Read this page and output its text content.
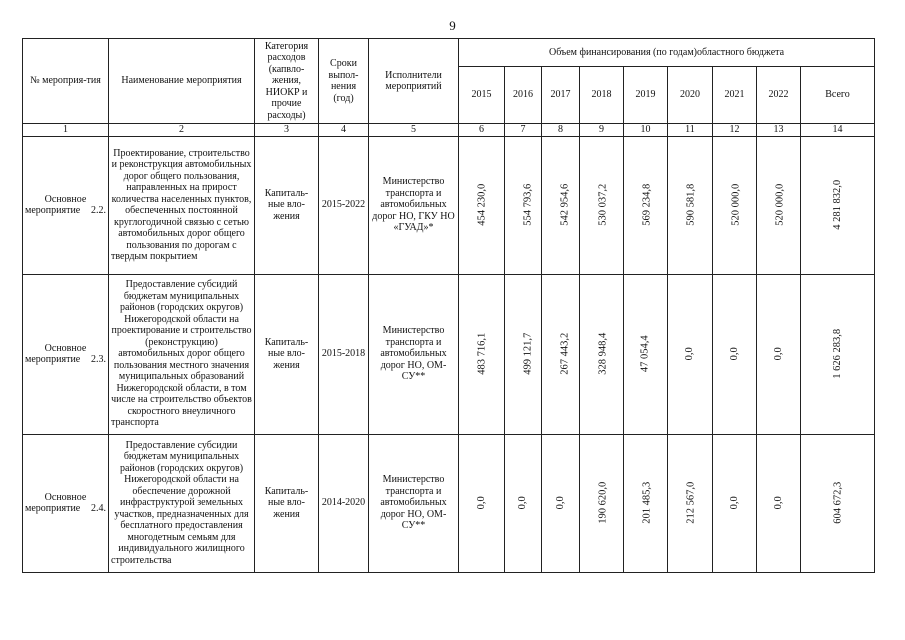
9
№ мероприя-тия	Наименование мероприятия	Категория расходов (капвло-жения, НИОКР и прочие расходы)	Сроки выпол-нения (год)	Исполнители мероприятий	Объем финансирования (по годам)областного бюджета								
					2015	2016	2017	2018	2019	2020	2021	2022	Всего
1	2	3	4	5	6	7	8	9	10	11	12	13	14
Основное мероприятие 2.2.	Проектирование, строительство и реконструкция автомобильных дорог общего пользования, направленных на прирост количества населенных пунктов, обеспеченных постоянной круглогодичной связью с сетью автомобильных дорог общего пользования по дорогам с твердым покрытием	Капиталь-ные вло-жения	2015-2022	Министерство транспорта и автомобильных дорог НО, ГКУ НО «ГУАД»*	454 230,0	554 793,6	542 954,6	530 037,2	569 234,8	590 581,8	520 000,0	520 000,0	4 281 832,0
Основное мероприятие 2.3.	Предоставление субсидий бюджетам муниципальных районов (городских округов) Нижегородской области на проектирование и строительство (реконструкцию) автомобильных дорог общего пользования местного значения муниципальных образований Нижегородской области, в том числе на строительство объектов скоростного внеуличного транспорта	Капиталь-ные вло-жения	2015-2018	Министерство транспорта и автомобильных дорог НО, ОМ-СУ**	483 716,1	499 121,7	267 443,2	328 948,4	47 054,4	0,0	0,0	0,0	1 626 283,8
Основное мероприятие 2.4.	Предоставление субсидии бюджетам муниципальных районов (городских округов) Нижегородской области на обеспечение дорожной инфраструктурой земельных участков, предназначенных для бесплатного предоставления многодетным семьям для индивидуального жилищного строительства	Капиталь-ные вло-жения	2014-2020	Министерство транспорта и автомобильных дорог НО, ОМ-СУ**	0,0	0,0	0,0	190 620,0	201 485,3	212 567,0	0,0	0,0	604 672,3
